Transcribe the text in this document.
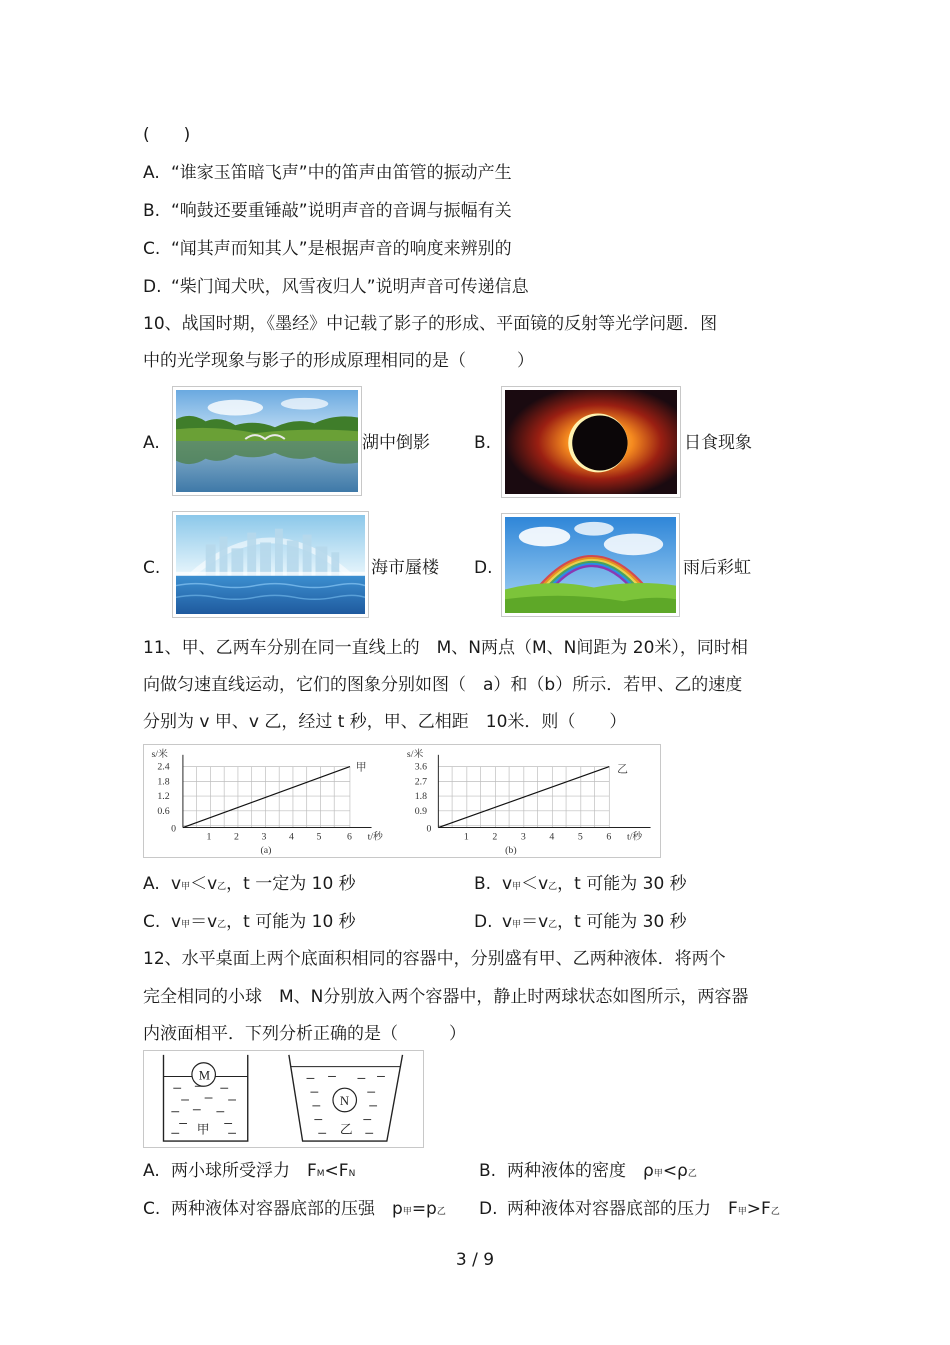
(　　)
A. “谁家玉笛暗飞声”中的笛声由笛管的振动产生
B. “响鼓还要重锤敲”说明声音的音调与振幅有关
C. “闻其声而知其人”是根据声音的响度来辨别的
D. “柴门闻犬吠，风雪夜归人”说明声音可传递信息
10、战国时期，《墨经》中记载了影子的形成、平面镜的反射等光学问题．图
中的光学现象与影子的形成原理相同的是（　　　）
A.	湖中倒影	B.	日食现象
C.	海市蜃楼 D.	雨后彩虹
11、甲、乙两车分别在同一直线上的　M、N两点（M、N间距为 20米），同时相
向做匀速直线运动，它们的图象分别如图（　a）和（b）所示．若甲、乙的速度
分别为 v 甲、v 乙，经过 t 秒，甲、乙相距　10米．则（　　）
s/米
甲
t/秒
2.4
1.8
1.2
0.6
0
1 2 3 4 5	6
(a)
s/米
乙
t/秒
3.6
2.7
1.8
0.9
0
1 2 3 4 5 6
(b)
A. v甲＜v乙，t 一定为 10 秒	B. v甲＜v乙，t 可能为 30 秒
C. v甲＝v乙，t 可能为 10 秒	D. v甲＝v乙，t 可能为 30 秒
12、水平桌面上两个底面积相同的容器中，分别盛有甲、乙两种液体．将两个
完全相同的小球　M、N分别放入两个容器中，静止时两球状态如图所示，两容器
内液面相平．下列分析正确的是（　　　）
M
甲
N
乙
A. 两小球所受浮力　FM<FN	B. 两种液体的密度　ρ甲<ρ乙
C. 两种液体对容器底部的压强　p甲=p乙 D. 两种液体对容器底部的压力　F甲>F乙
3 / 9
